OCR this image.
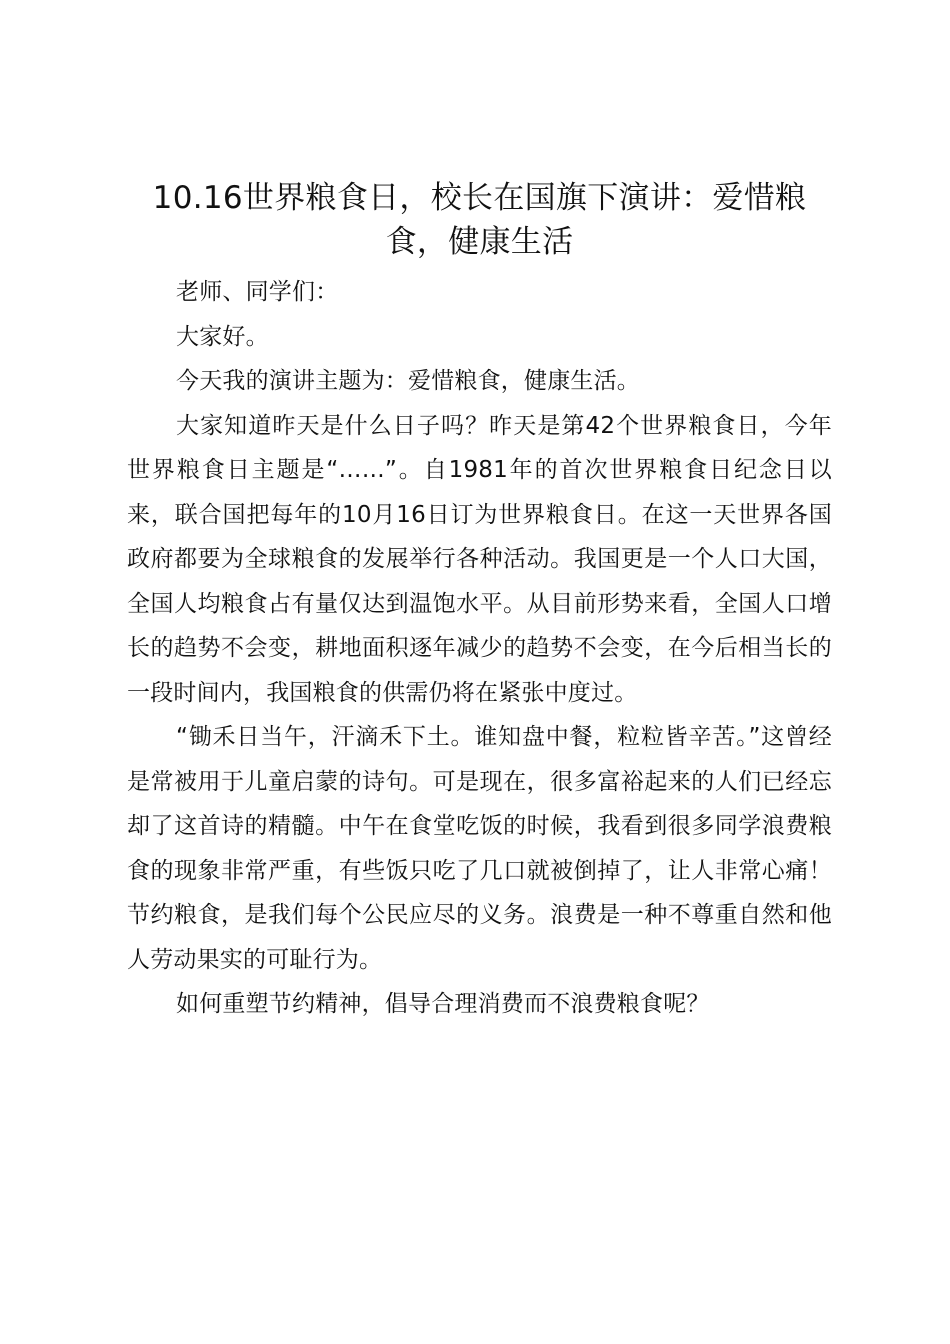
10.16世界粮食日，校长在国旗下演讲：爱惜粮食，健康生活

老师、同学们：

大家好。

今天我的演讲主题为：爱惜粮食，健康生活。

大家知道昨天是什么日子吗？昨天是第42个世界粮食日，今年世界粮食日主题是“……”。自1981年的首次世界粮食日纪念日以来，联合国把每年的10月16日订为世界粮食日。在这一天世界各国政府都要为全球粮食的发展举行各种活动。我国更是一个人口大国，全国人均粮食占有量仅达到温饱水平。从目前形势来看，全国人口增长的趋势不会变，耕地面积逐年减少的趋势不会变，在今后相当长的一段时间内，我国粮食的供需仍将在紧张中度过。

“锄禾日当午，汗滴禾下土。谁知盘中餐，粒粒皆辛苦。”这曾经是常被用于儿童启蒙的诗句。可是现在，很多富裕起来的人们已经忘却了这首诗的精髓。中午在食堂吃饭的时候，我看到很多同学浪费粮食的现象非常严重，有些饭只吃了几口就被倒掉了，让人非常心痛！节约粮食，是我们每个公民应尽的义务。浪费是一种不尊重自然和他人劳动果实的可耻行为。

如何重塑节约精神，倡导合理消费而不浪费粮食呢？
